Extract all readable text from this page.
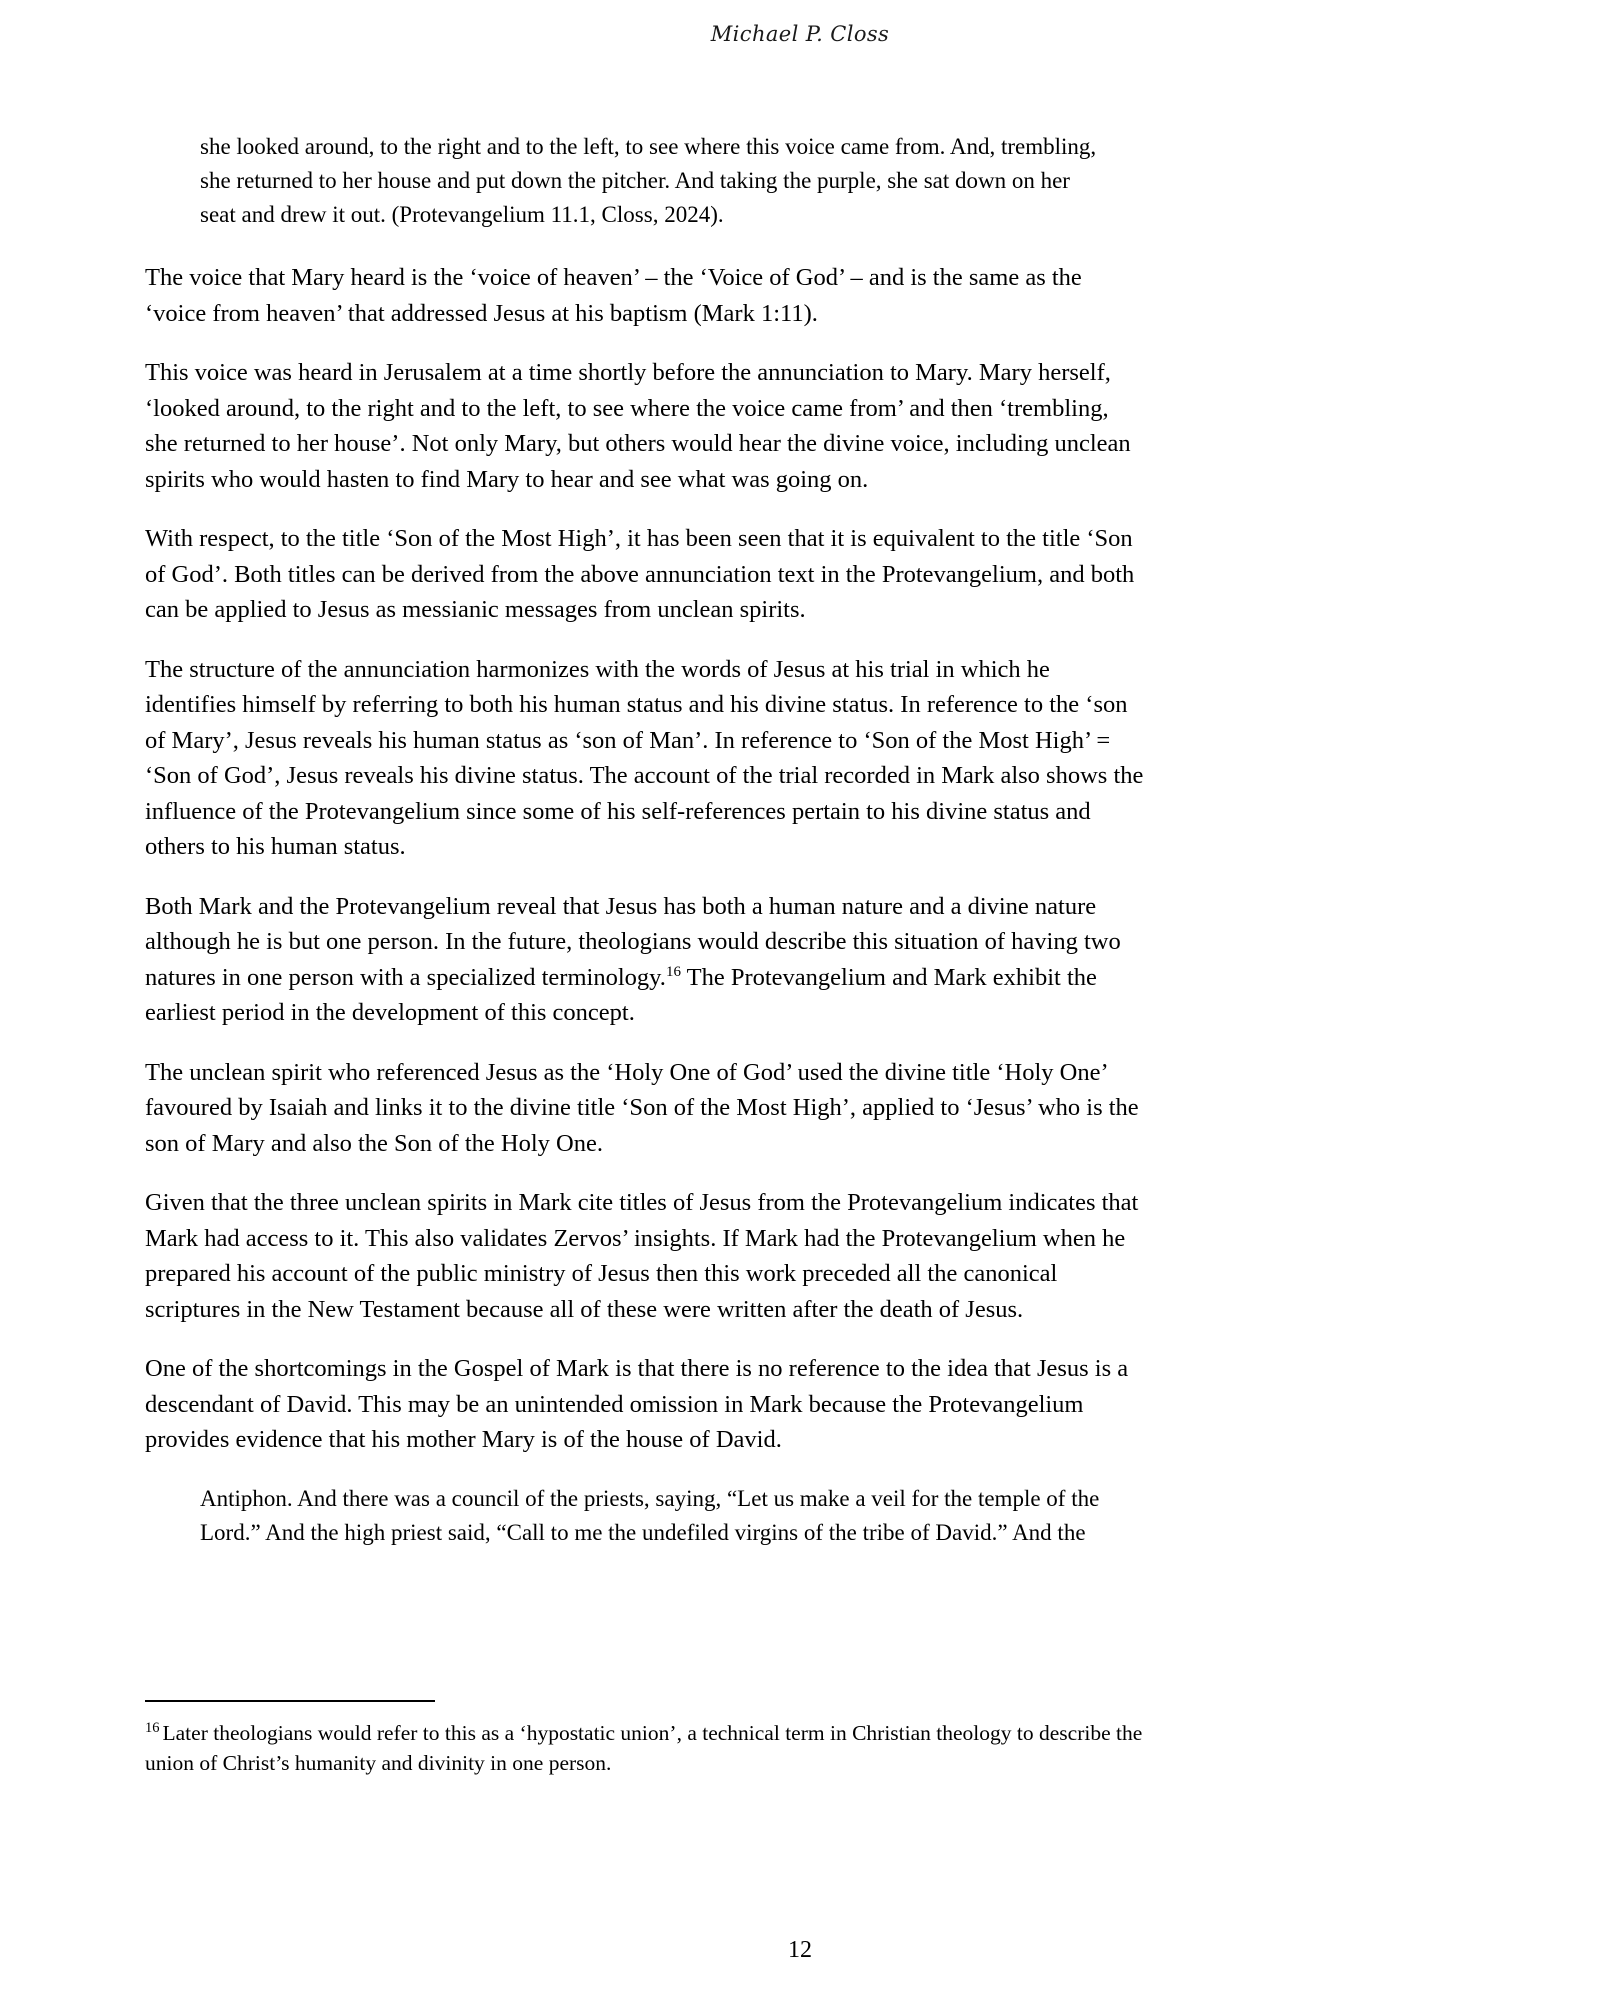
Michael P. Closs

she looked around, to the right and to the left, to see where this voice came from. And, trembling, she returned to her house and put down the pitcher. And taking the purple, she sat down on her seat and drew it out. (Protevangelium 11.1, Closs, 2024).

The voice that Mary heard is the ‘voice of heaven’ – the ‘Voice of God’ – and is the same as the ‘voice from heaven’ that addressed Jesus at his baptism (Mark 1:11).

This voice was heard in Jerusalem at a time shortly before the annunciation to Mary. Mary herself, ‘looked around, to the right and to the left, to see where the voice came from’ and then ‘trembling, she returned to her house’. Not only Mary, but others would hear the divine voice, including unclean spirits who would hasten to find Mary to hear and see what was going on.

With respect, to the title ‘Son of the Most High’, it has been seen that it is equivalent to the title ‘Son of God’. Both titles can be derived from the above annunciation text in the Protevangelium, and both can be applied to Jesus as messianic messages from unclean spirits.

The structure of the annunciation harmonizes with the words of Jesus at his trial in which he identifies himself by referring to both his human status and his divine status. In reference to the ‘son of Mary’, Jesus reveals his human status as ‘son of Man’. In reference to ‘Son of the Most High’ = ‘Son of God’, Jesus reveals his divine status. The account of the trial recorded in Mark also shows the influence of the Protevangelium since some of his self-references pertain to his divine status and others to his human status.

Both Mark and the Protevangelium reveal that Jesus has both a human nature and a divine nature although he is but one person. In the future, theologians would describe this situation of having two natures in one person with a specialized terminology.$^{16}$ The Protevangelium and Mark exhibit the earliest period in the development of this concept.

The unclean spirit who referenced Jesus as the ‘Holy One of God’ used the divine title ‘Holy One’ favoured by Isaiah and links it to the divine title ‘Son of the Most High’, applied to ‘Jesus’ who is the son of Mary and also the Son of the Holy One.

Given that the three unclean spirits in Mark cite titles of Jesus from the Protevangelium indicates that Mark had access to it. This also validates Zervos’ insights. If Mark had the Protevangelium when he prepared his account of the public ministry of Jesus then this work preceded all the canonical scriptures in the New Testament because all of these were written after the death of Jesus.

One of the shortcomings in the Gospel of Mark is that there is no reference to the idea that Jesus is a descendant of David. This may be an unintended omission in Mark because the Protevangelium provides evidence that his mother Mary is of the house of David.

Antiphon. And there was a council of the priests, saying, “Let us make a veil for the temple of the Lord.” And the high priest said, “Call to me the undefiled virgins of the tribe of David.” And the

$^{16}$ Later theologians would refer to this as a ‘hypostatic union’, a technical term in Christian theology to describe the union of Christ’s humanity and divinity in one person.

12
